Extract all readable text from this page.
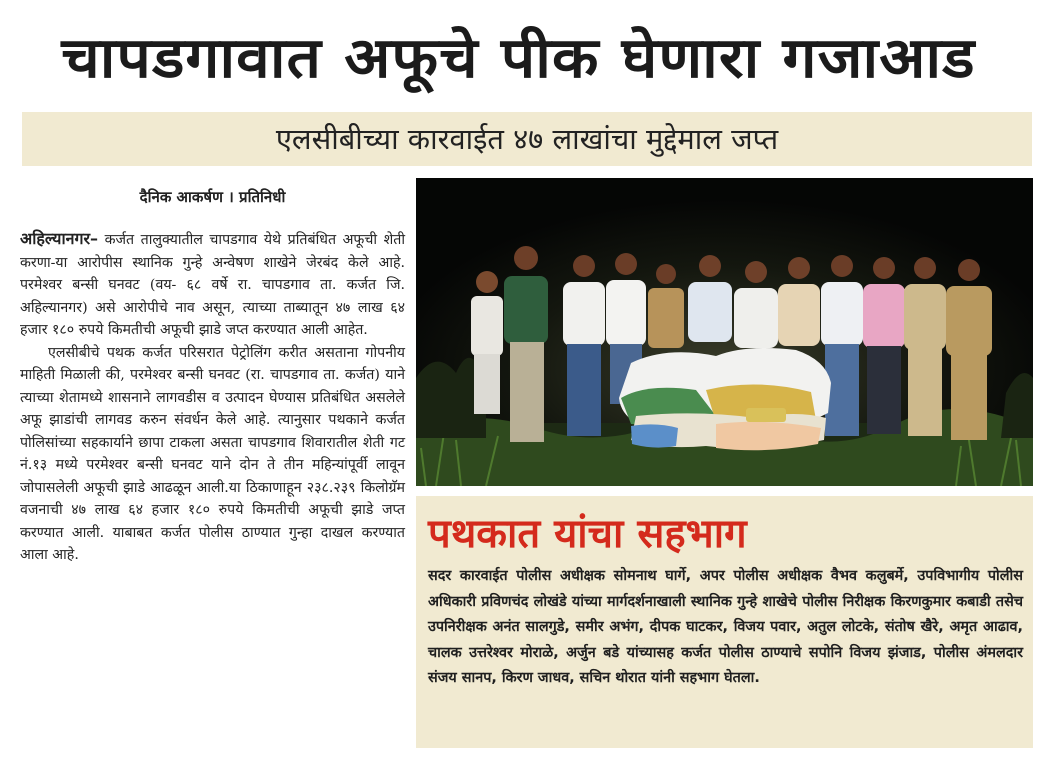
चापडगावात अफूचे पीक घेणारा गजाआड
एलसीबीच्या कारवाईत ४७ लाखांचा मुद्देमाल जप्त
दैनिक आकर्षण । प्रतिनिधी

अहिल्यानगर– कर्जत तालुक्यातील चापडगाव येथे प्रतिबंधित अफूची शेती करणा-या आरोपीस स्थानिक गुन्हे अन्वेषण शाखेने जेरबंद केले आहे. परमेश्वर बन्सी घनवट (वय- ६८ वर्षे रा. चापडगाव ता. कर्जत जि. अहिल्यानगर) असे आरोपीचे नाव असून, त्याच्या ताब्यातून ४७ लाख ६४ हजार १८० रुपये किमतीची अफूची झाडे जप्त करण्यात आली आहेत.

एलसीबीचे पथक कर्जत परिसरात पेट्रोलिंग करीत असताना गोपनीय माहिती मिळाली की, परमेश्वर बन्सी घनवट (रा. चापडगाव ता. कर्जत) याने त्याच्या शेतामध्ये शासनाने लागवडीस व उत्पादन घेण्यास प्रतिबंधित असलेले अफू झाडांची लागवड करुन संवर्धन केले आहे. त्यानुसार पथकाने कर्जत पोलिसांच्या सहकार्याने छापा टाकला असता चापडगाव शिवारातील शेती गट नं.१३ मध्ये परमेश्वर बन्सी घनवट याने दोन ते तीन महिन्यांपूर्वी लावून जोपासलेली अफूची झाडे आढळून आली.या ठिकाणाहून २३८.२३९ किलोग्रॅम वजनाची ४७ लाख ६४ हजार १८० रुपये किमतीची अफूची झाडे जप्त करण्यात आली. याबाबत कर्जत पोलीस ठाण्यात गुन्हा दाखल करण्यात आला आहे.	पथकात यांचा सहभाग
सदर कारवाईत पोलीस अधीक्षक सोमनाथ घार्गे, अपर पोलीस अधीक्षक वैभव कलुबर्मे, उपविभागीय पोलीस अधिकारी प्रविणचंद लोखंडे यांच्या मार्गदर्शनाखाली स्थानिक गुन्हे शाखेचे पोलीस निरीक्षक किरणकुमार कबाडी तसेच उपनिरीक्षक अनंत सालगुडे, समीर अभंग, दीपक घाटकर, विजय पवार, अतुल लोटके, संतोष खैरे, अमृत आढाव, चालक उत्तरेश्वर मोराळे, अर्जुन बडे यांच्यासह कर्जत पोलीस ठाण्याचे सपोनि विजय झंजाड, पोलीस अंमलदार संजय सानप, किरण जाधव, सचिन थोरात यांनी सहभाग घेतला.
